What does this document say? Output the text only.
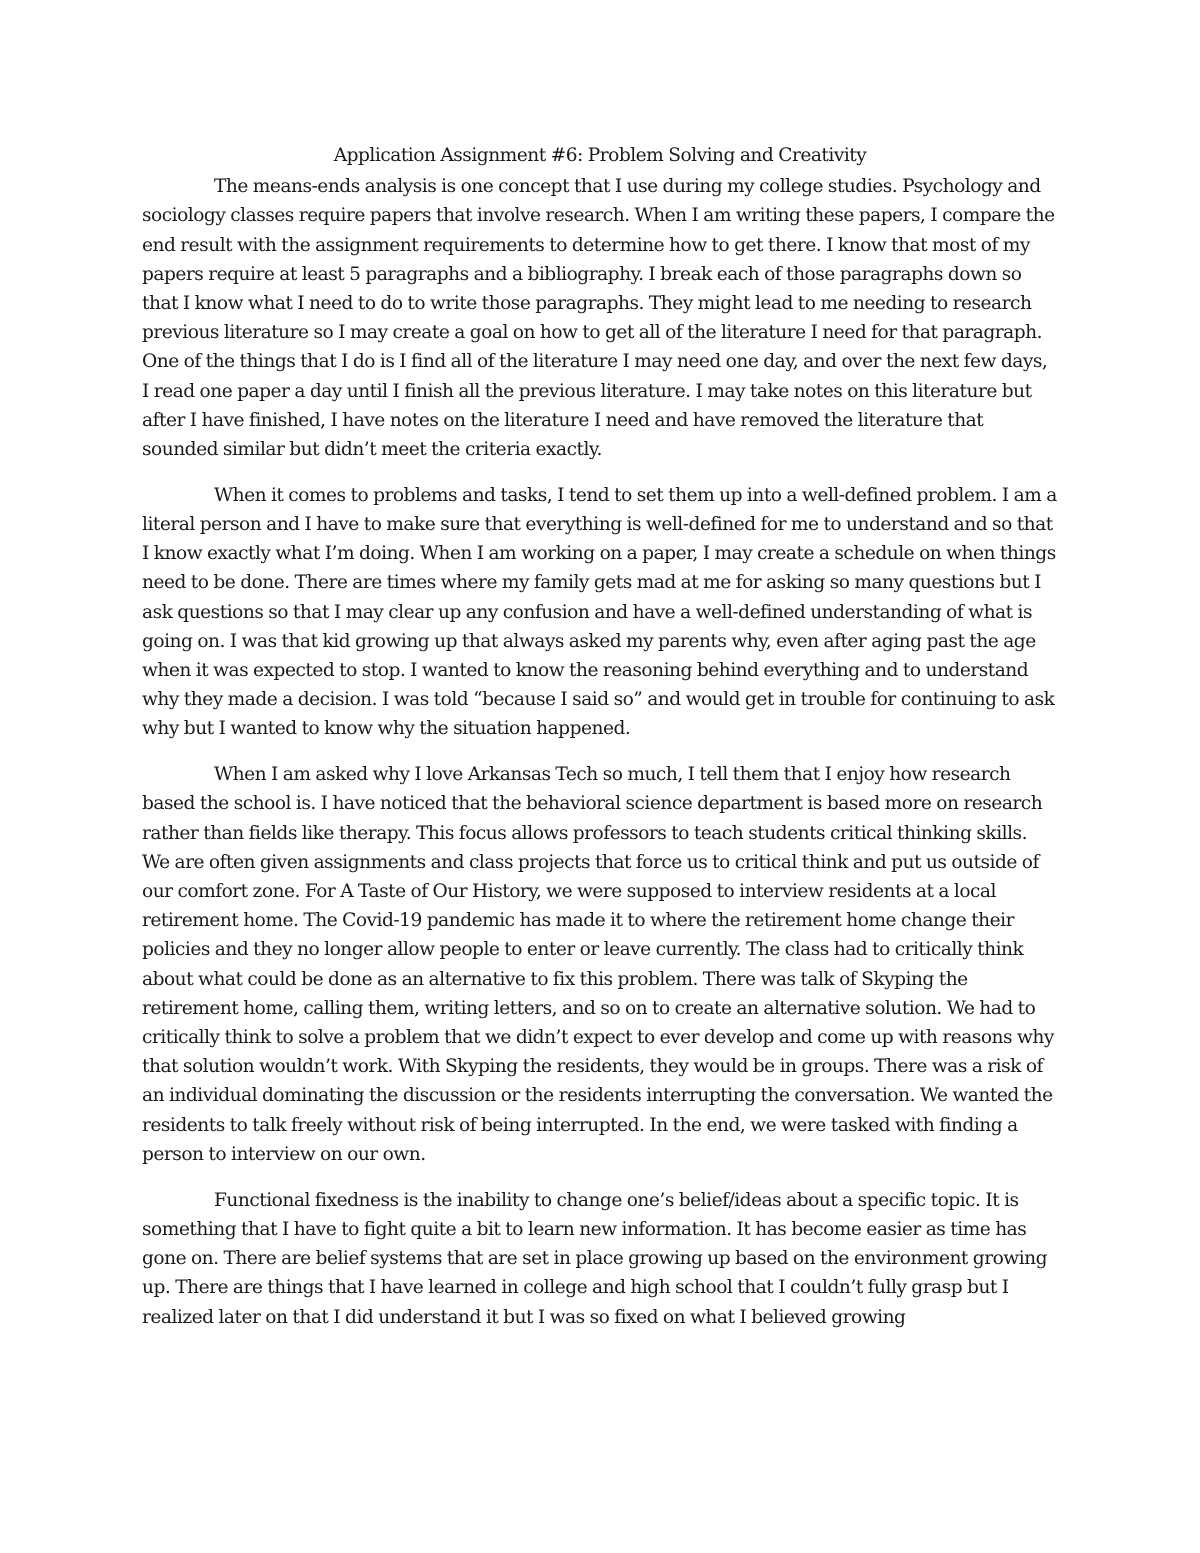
Application Assignment #6: Problem Solving and Creativity

The means-ends analysis is one concept that I use during my college studies. Psychology and sociology classes require papers that involve research. When I am writing these papers, I compare the end result with the assignment requirements to determine how to get there. I know that most of my papers require at least 5 paragraphs and a bibliography. I break each of those paragraphs down so that I know what I need to do to write those paragraphs. They might lead to me needing to research previous literature so I may create a goal on how to get all of the literature I need for that paragraph. One of the things that I do is I find all of the literature I may need one day, and over the next few days, I read one paper a day until I finish all the previous literature. I may take notes on this literature but after I have finished, I have notes on the literature I need and have removed the literature that sounded similar but didn’t meet the criteria exactly.

When it comes to problems and tasks, I tend to set them up into a well-defined problem. I am a literal person and I have to make sure that everything is well-defined for me to understand and so that I know exactly what I’m doing. When I am working on a paper, I may create a schedule on when things need to be done. There are times where my family gets mad at me for asking so many questions but I ask questions so that I may clear up any confusion and have a well-defined understanding of what is going on. I was that kid growing up that always asked my parents why, even after aging past the age when it was expected to stop. I wanted to know the reasoning behind everything and to understand why they made a decision. I was told “because I said so” and would get in trouble for continuing to ask why but I wanted to know why the situation happened.

When I am asked why I love Arkansas Tech so much, I tell them that I enjoy how research based the school is. I have noticed that the behavioral science department is based more on research rather than fields like therapy. This focus allows professors to teach students critical thinking skills. We are often given assignments and class projects that force us to critical think and put us outside of our comfort zone. For A Taste of Our History, we were supposed to interview residents at a local retirement home. The Covid-19 pandemic has made it to where the retirement home change their policies and they no longer allow people to enter or leave currently. The class had to critically think about what could be done as an alternative to fix this problem. There was talk of Skyping the retirement home, calling them, writing letters, and so on to create an alternative solution. We had to critically think to solve a problem that we didn’t expect to ever develop and come up with reasons why that solution wouldn’t work. With Skyping the residents, they would be in groups. There was a risk of an individual dominating the discussion or the residents interrupting the conversation. We wanted the residents to talk freely without risk of being interrupted. In the end, we were tasked with finding a person to interview on our own.

Functional fixedness is the inability to change one’s belief/ideas about a specific topic. It is something that I have to fight quite a bit to learn new information. It has become easier as time has gone on. There are belief systems that are set in place growing up based on the environment growing up. There are things that I have learned in college and high school that I couldn’t fully grasp but I realized later on that I did understand it but I was so fixed on what I believed growing
